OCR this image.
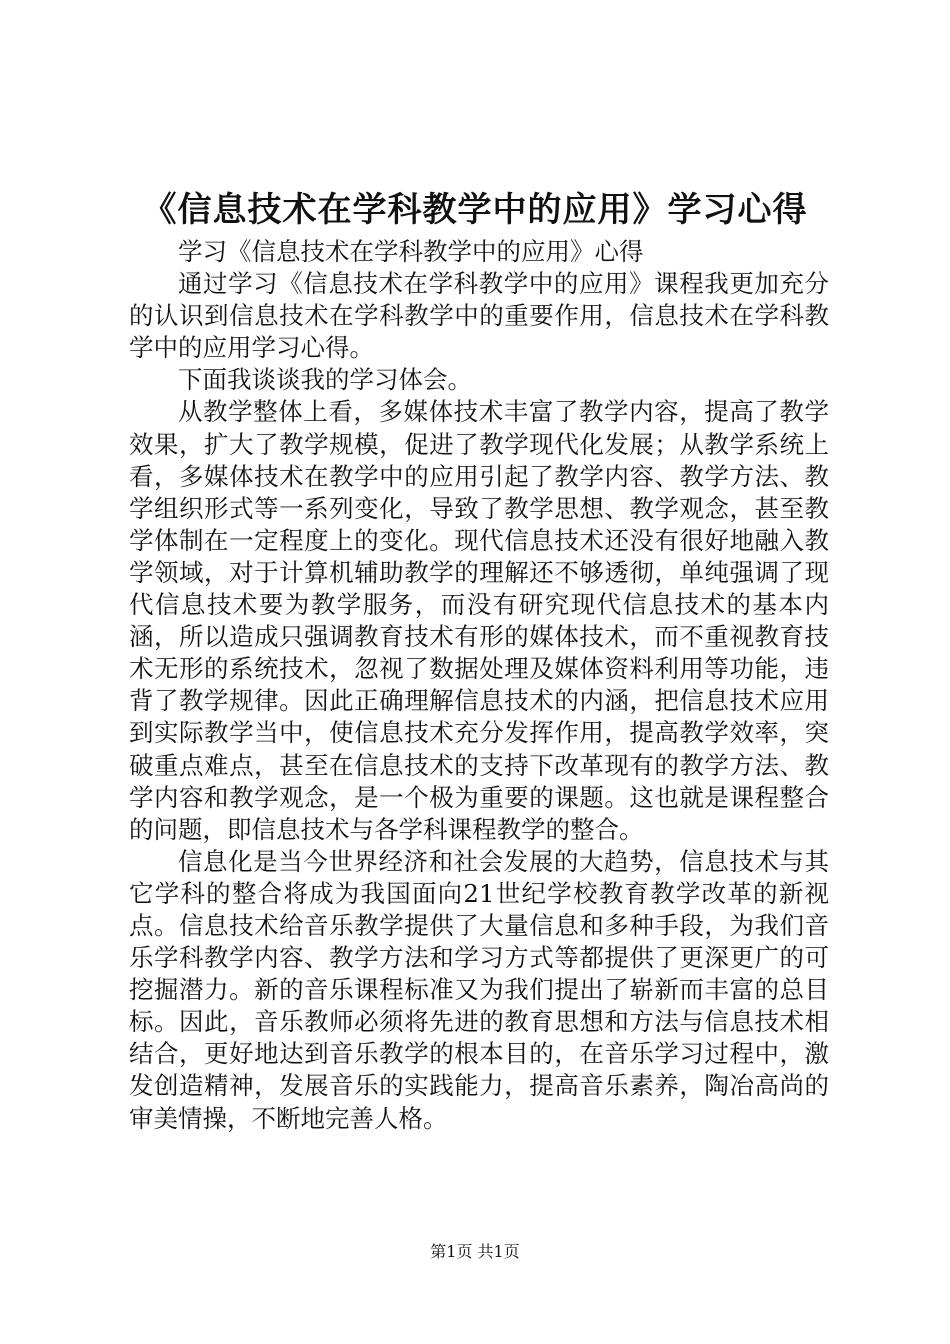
《信息技术在学科教学中的应用》学习心得

学习《信息技术在学科教学中的应用》心得

通过学习《信息技术在学科教学中的应用》课程我更加充分的认识到信息技术在学科教学中的重要作用，信息技术在学科教学中的应用学习心得。

下面我谈谈我的学习体会。

从教学整体上看，多媒体技术丰富了教学内容，提高了教学效果，扩大了教学规模，促进了教学现代化发展；从教学系统上看，多媒体技术在教学中的应用引起了教学内容、教学方法、教学组织形式等一系列变化，导致了教学思想、教学观念，甚至教学体制在一定程度上的变化。现代信息技术还没有很好地融入教学领域，对于计算机辅助教学的理解还不够透彻，单纯强调了现代信息技术要为教学服务，而没有研究现代信息技术的基本内涵，所以造成只强调教育技术有形的媒体技术，而不重视教育技术无形的系统技术，忽视了数据处理及媒体资料利用等功能，违背了教学规律。因此正确理解信息技术的内涵，把信息技术应用到实际教学当中，使信息技术充分发挥作用，提高教学效率，突破重点难点，甚至在信息技术的支持下改革现有的教学方法、教学内容和教学观念，是一个极为重要的课题。这也就是课程整合的问题，即信息技术与各学科课程教学的整合。

信息化是当今世界经济和社会发展的大趋势，信息技术与其它学科的整合将成为我国面向21世纪学校教育教学改革的新视点。信息技术给音乐教学提供了大量信息和多种手段，为我们音乐学科教学内容、教学方法和学习方式等都提供了更深更广的可挖掘潜力。新的音乐课程标准又为我们提出了崭新而丰富的总目标。因此，音乐教师必须将先进的教育思想和方法与信息技术相结合，更好地达到音乐教学的根本目的，在音乐学习过程中，激发创造精神，发展音乐的实践能力，提高音乐素养，陶冶高尚的审美情操，不断地完善人格。

第1页 共1页
